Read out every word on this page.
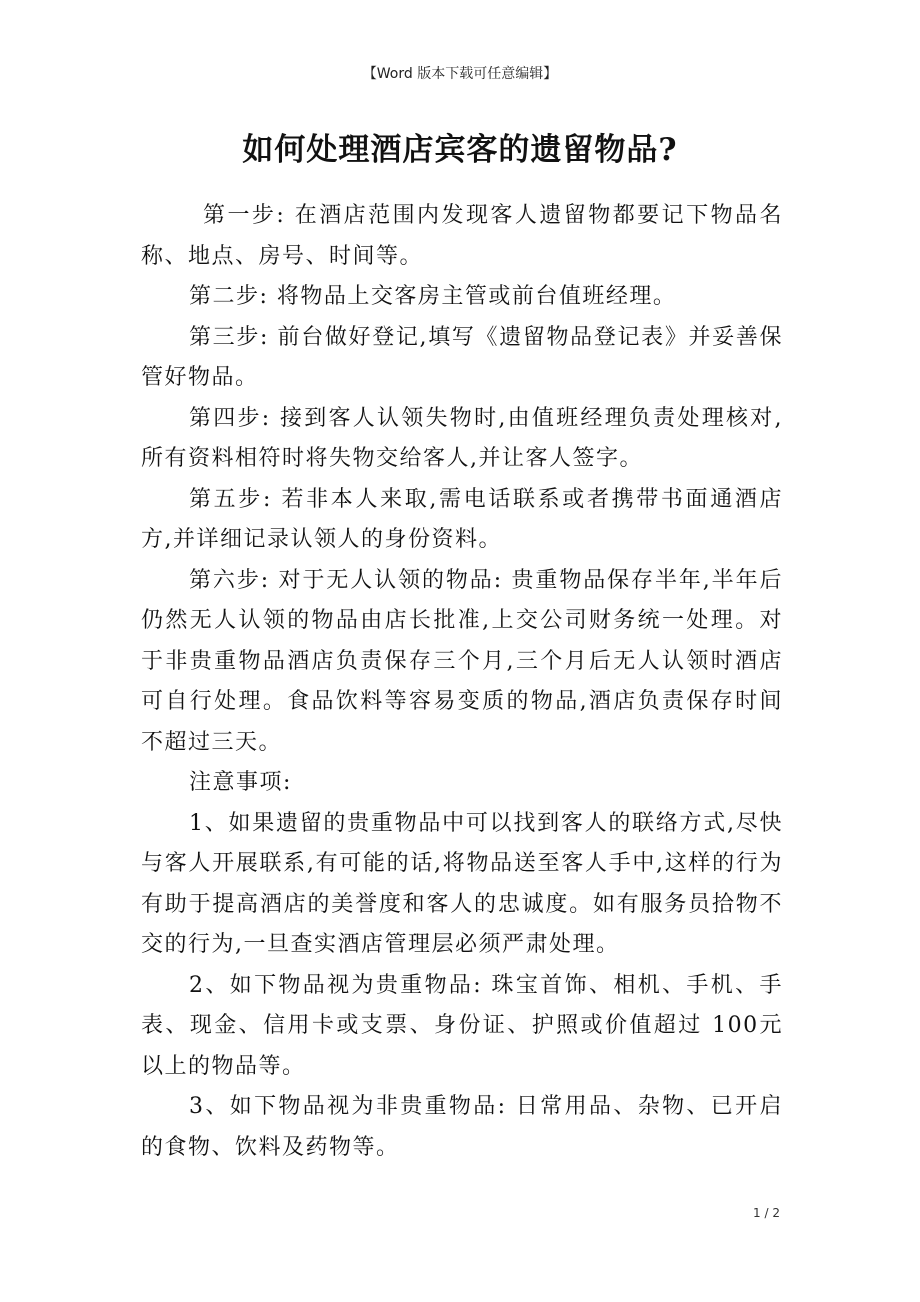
【Word 版本下载可任意编辑】
如何处理酒店宾客的遗留物品?

第一步: 在酒店范围内发现客人遗留物都要记下物品名称、地点、房号、时间等。

第二步: 将物品上交客房主管或前台值班经理。

第三步: 前台做好登记,填写《遗留物品登记表》并妥善保管好物品。

第四步: 接到客人认领失物时,由值班经理负责处理核对,所有资料相符时将失物交给客人,并让客人签字。

第五步: 若非本人来取,需电话联系或者携带书面通酒店方,并详细记录认领人的身份资料。

第六步: 对于无人认领的物品: 贵重物品保存半年,半年后仍然无人认领的物品由店长批准,上交公司财务统一处理。对于非贵重物品酒店负责保存三个月,三个月后无人认领时酒店可自行处理。食品饮料等容易变质的物品,酒店负责保存时间不超过三天。

注意事项:

1、如果遗留的贵重物品中可以找到客人的联络方式,尽快与客人开展联系,有可能的话,将物品送至客人手中,这样的行为有助于提高酒店的美誉度和客人的忠诚度。如有服务员拾物不交的行为,一旦查实酒店管理层必须严肃处理。

2、如下物品视为贵重物品: 珠宝首饰、相机、手机、手表、现金、信用卡或支票、身份证、护照或价值超过 100元以上的物品等。

3、如下物品视为非贵重物品: 日常用品、杂物、已开启的食物、饮料及药物等。

1 / 2
